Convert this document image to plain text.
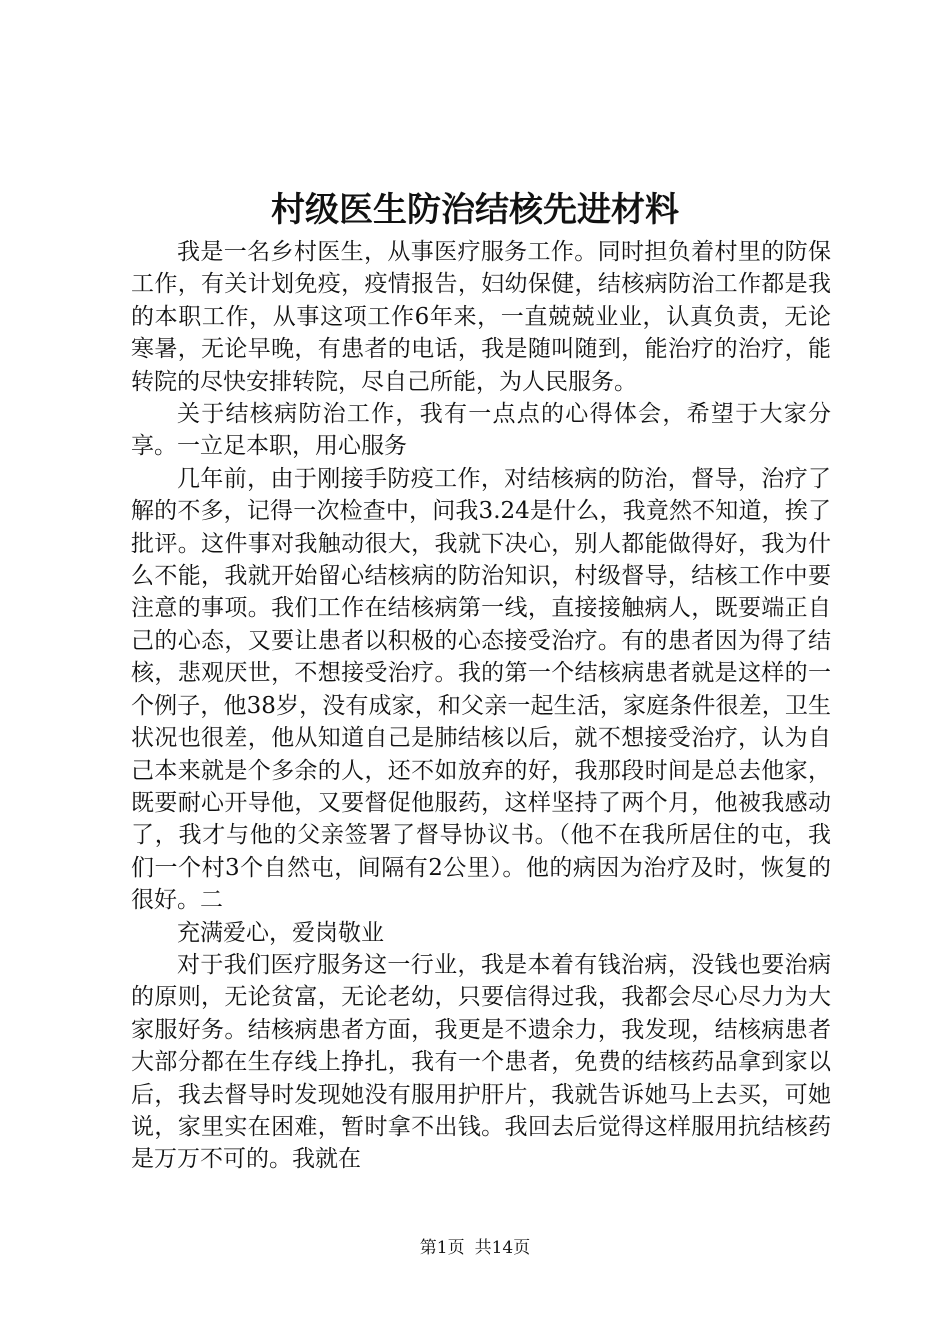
村级医生防治结核先进材料

我是一名乡村医生，从事医疗服务工作。同时担负着村里的防保工作，有关计划免疫，疫情报告，妇幼保健，结核病防治工作都是我的本职工作，从事这项工作6年来，一直兢兢业业，认真负责，无论寒暑，无论早晚，有患者的电话，我是随叫随到，能治疗的治疗，能转院的尽快安排转院，尽自己所能，为人民服务。

关于结核病防治工作，我有一点点的心得体会，希望于大家分享。一立足本职，用心服务

几年前，由于刚接手防疫工作，对结核病的防治，督导，治疗了解的不多，记得一次检查中，问我3.24是什么，我竟然不知道，挨了批评。这件事对我触动很大，我就下决心，别人都能做得好，我为什么不能，我就开始留心结核病的防治知识，村级督导，结核工作中要注意的事项。我们工作在结核病第一线，直接接触病人，既要端正自己的心态，又要让患者以积极的心态接受治疗。有的患者因为得了结核，悲观厌世，不想接受治疗。我的第一个结核病患者就是这样的一个例子，他38岁，没有成家，和父亲一起生活，家庭条件很差，卫生状况也很差，他从知道自己是肺结核以后，就不想接受治疗，认为自己本来就是个多余的人，还不如放弃的好，我那段时间是总去他家，既要耐心开导他，又要督促他服药，这样坚持了两个月，他被我感动了，我才与他的父亲签署了督导协议书。（他不在我所居住的屯，我们一个村3个自然屯，间隔有2公里）。他的病因为治疗及时，恢复的很好。二

充满爱心，爱岗敬业

对于我们医疗服务这一行业，我是本着有钱治病，没钱也要治病的原则，无论贫富，无论老幼，只要信得过我，我都会尽心尽力为大家服好务。结核病患者方面，我更是不遗余力，我发现，结核病患者大部分都在生存线上挣扎，我有一个患者，免费的结核药品拿到家以后，我去督导时发现她没有服用护肝片，我就告诉她马上去买，可她说，家里实在困难，暂时拿不出钱。我回去后觉得这样服用抗结核药是万万不可的。我就在

第1页 共14页
